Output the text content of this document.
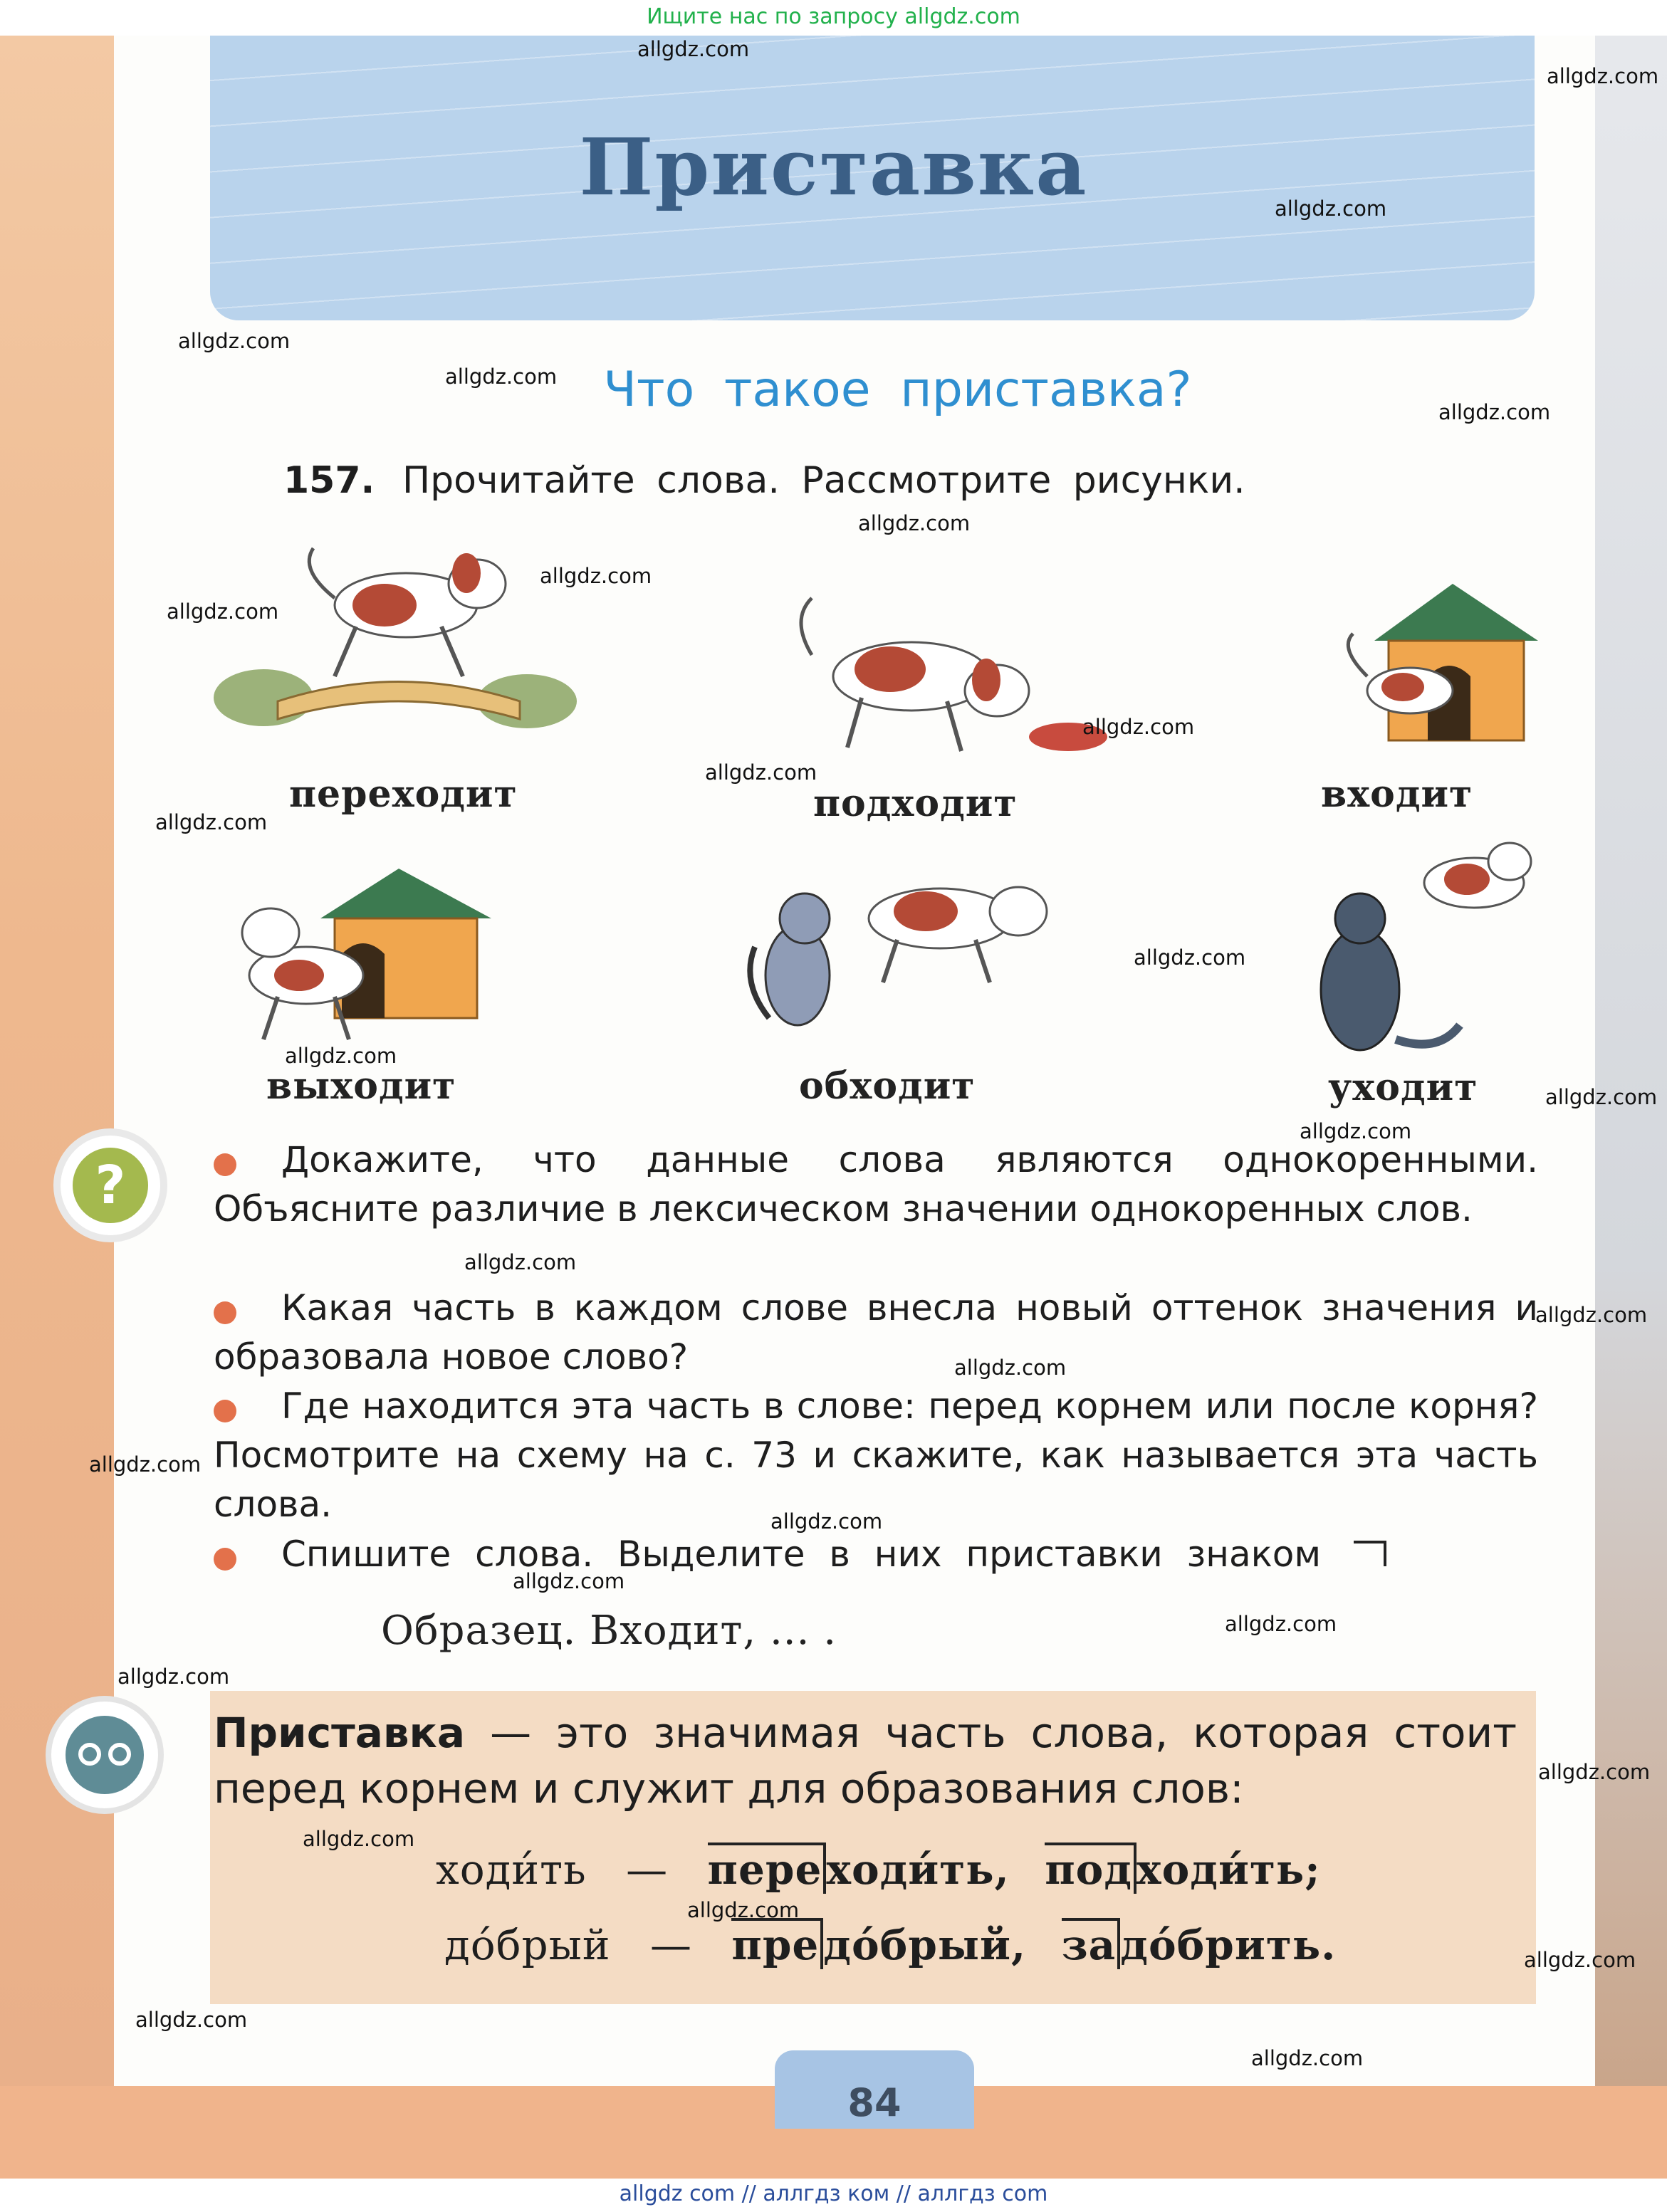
Приставка
Что такое приставка?
157. Прочитайте слова. Рассмотрите рисунки.
переходит	подходит	входит
выходит	обходит	уходит
?	Докажите, что данные слова являются однокоренными. Объясните различие в лексическом значении однокоренных слов.
Какая часть в каждом слове внесла новый оттенок значения и образовала новое слово?
Где находится эта часть в слове: перед корнем или после корня? Посмотрите на схему на с. 73 и скажите, как называется эта часть слова.
Спишите слова. Выделите в них приставки знаком
Образец. Входит, ... .
Приставка — это значимая часть слова, которая стоит перед корнем и служит для образования слов:
ходи́ть — пере ходи́ть, под ходи́ть;
до́брый — пре до́брый, за до́брить.
84
Ищите нас по запросу allgdz.com
allgdz com // аллгдз ком // аллгдз com
allgdz.com
allgdz.com
allgdz.com
allgdz.com
allgdz.com
allgdz.com
allgdz.com
allgdz.com
allgdz.com
allgdz.com
allgdz.com
allgdz.com
allgdz.com
allgdz.com
allgdz.com
allgdz.com
allgdz.com
allgdz.com
allgdz.com
allgdz.com
allgdz.com
allgdz.com
allgdz.com
allgdz.com
allgdz.com
allgdz.com
allgdz.com
allgdz.com
allgdz.com
allgdz.com
